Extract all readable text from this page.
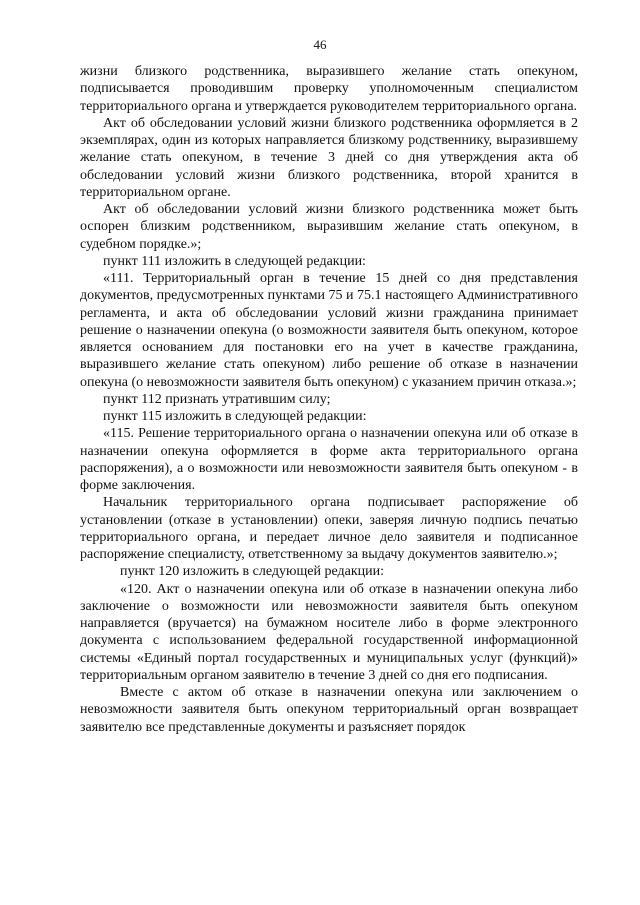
46

жизни близкого родственника, выразившего желание стать опекуном, подписывается проводившим проверку уполномоченным специалистом территориального органа и утверждается руководителем территориального органа.

Акт об обследовании условий жизни близкого родственника оформляется в 2 экземплярах, один из которых направляется близкому родственнику, выразившему желание стать опекуном, в течение 3 дней со дня утверждения акта об обследовании условий жизни близкого родственника, второй хранится в территориальном органе.

Акт об обследовании условий жизни близкого родственника может быть оспорен близким родственником, выразившим желание стать опекуном, в судебном порядке.»;

пункт 111 изложить в следующей редакции:

«111. Территориальный орган в течение 15 дней со дня представления документов, предусмотренных пунктами 75 и 75.1 настоящего Административного регламента, и акта об обследовании условий жизни гражданина принимает решение о назначении опекуна (о возможности заявителя быть опекуном, которое является основанием для постановки его на учет в качестве гражданина, выразившего желание стать опекуном) либо решение об отказе в назначении опекуна (о невозможности заявителя быть опекуном) с указанием причин отказа.»;

пункт 112 признать утратившим силу;

пункт 115 изложить в следующей редакции:

«115. Решение территориального органа о назначении опекуна или об отказе в назначении опекуна оформляется в форме акта территориального органа распоряжения), а о возможности или невозможности заявителя быть опекуном - в форме заключения.

Начальник территориального органа подписывает распоряжение об установлении (отказе в установлении) опеки, заверяя личную подпись печатью территориального органа, и передает личное дело заявителя и подписанное распоряжение специалисту, ответственному за выдачу документов заявителю.»;

пункт 120 изложить в следующей редакции:

«120. Акт о назначении опекуна или об отказе в назначении опекуна либо заключение о возможности или невозможности заявителя быть опекуном направляется (вручается) на бумажном носителе либо в форме электронного документа с использованием федеральной государственной информационной системы «Единый портал государственных и муниципальных услуг (функций)» территориальным органом заявителю в течение 3 дней со дня его подписания.

Вместе с актом об отказе в назначении опекуна или заключением о невозможности заявителя быть опекуном территориальный орган возвращает заявителю все представленные документы и разъясняет порядок
